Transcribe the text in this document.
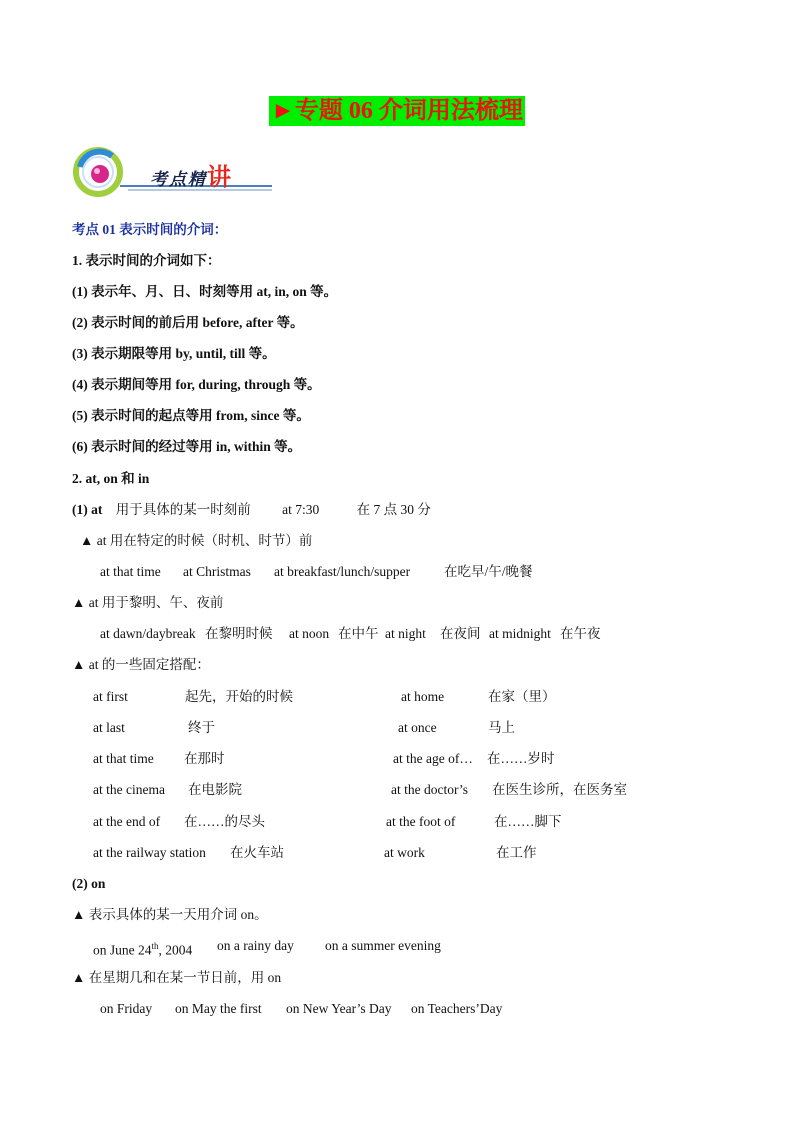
►专题 06 介词用法梳理
考点精讲
考点 01 表示时间的介词：
1. 表示时间的介词如下：
(1) 表示年、月、日、时刻等用 at, in, on 等。
(2) 表示时间的前后用 before, after 等。
(3) 表示期限等用 by, until, till 等。
(4) 表示期间等用 for, during, through 等。
(5) 表示时间的起点等用 from, since 等。
(6) 表示时间的经过等用 in, within 等。
2. at, on 和 in
(1) at 用于具体的某一时刻前 at 7:30	在 7 点 30 分
▲ at 用在特定的时候（时机、时节）前
at that time at Christmas at breakfast/lunch/supper	在吃早/午/晚餐
▲ at 用于黎明、午、夜前
at dawn/daybreak 在黎明时候 at noon 在中午 at night 在夜间 at midnight 在午夜
▲ at 的一些固定搭配：
at first	起先，开始的时候	at home	在家（里）
at last	终于	at once	马上
at that time 在那时	at the age of… 在……岁时
at the cinema 在电影院	at the doctor’s 在医生诊所，在医务室
at the end of 在……的尽头	at the foot of	在……脚下
at the railway station 在火车站	at work	在工作
(2) on
▲ 表示具体的某一天用介词 on。
on June 24th, 2004 on a rainy day on a summer evening
▲ 在星期几和在某一节日前，用 on
on Friday on May the first on New Year’s Day on Teachers’Day
